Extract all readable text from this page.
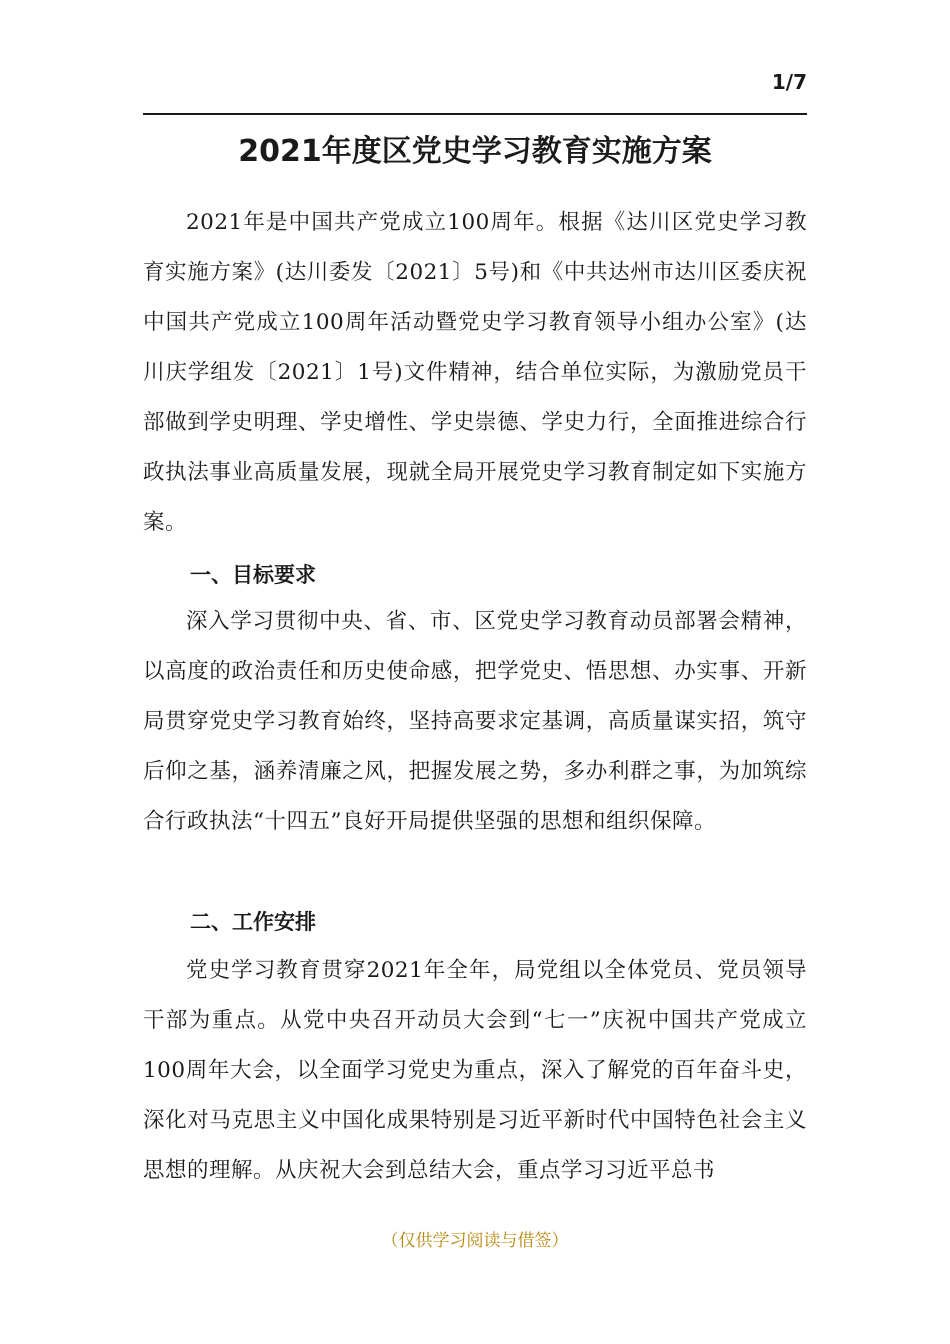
1/7
2021年度区党史学习教育实施方案

2021年是中国共产党成立100周年。根据《达川区党史学习教育实施方案》(达川委发〔2021〕5号)和《中共达州市达川区委庆祝中国共产党成立100周年活动暨党史学习教育领导小组办公室》(达川庆学组发〔2021〕1号)文件精神，结合单位实际，为激励党员干部做到学史明理、学史增性、学史崇德、学史力行，全面推进综合行政执法事业高质量发展，现就全局开展党史学习教育制定如下实施方案。

一、目标要求

深入学习贯彻中央、省、市、区党史学习教育动员部署会精神，以高度的政治责任和历史使命感，把学党史、悟思想、办实事、开新局贯穿党史学习教育始终，坚持高要求定基调，高质量谋实招，筑守后仰之基，涵养清廉之风，把握发展之势，多办利群之事，为加筑综合行政执法“十四五”良好开局提供坚强的思想和组织保障。

二、工作安排

党史学习教育贯穿2021年全年，局党组以全体党员、党员领导干部为重点。从党中央召开动员大会到“七一”庆祝中国共产党成立100周年大会，以全面学习党史为重点，深入了解党的百年奋斗史，深化对马克思主义中国化成果特别是习近平新时代中国特色社会主义思想的理解。从庆祝大会到总结大会，重点学习习近平总书

（仅供学习阅读与借签）
